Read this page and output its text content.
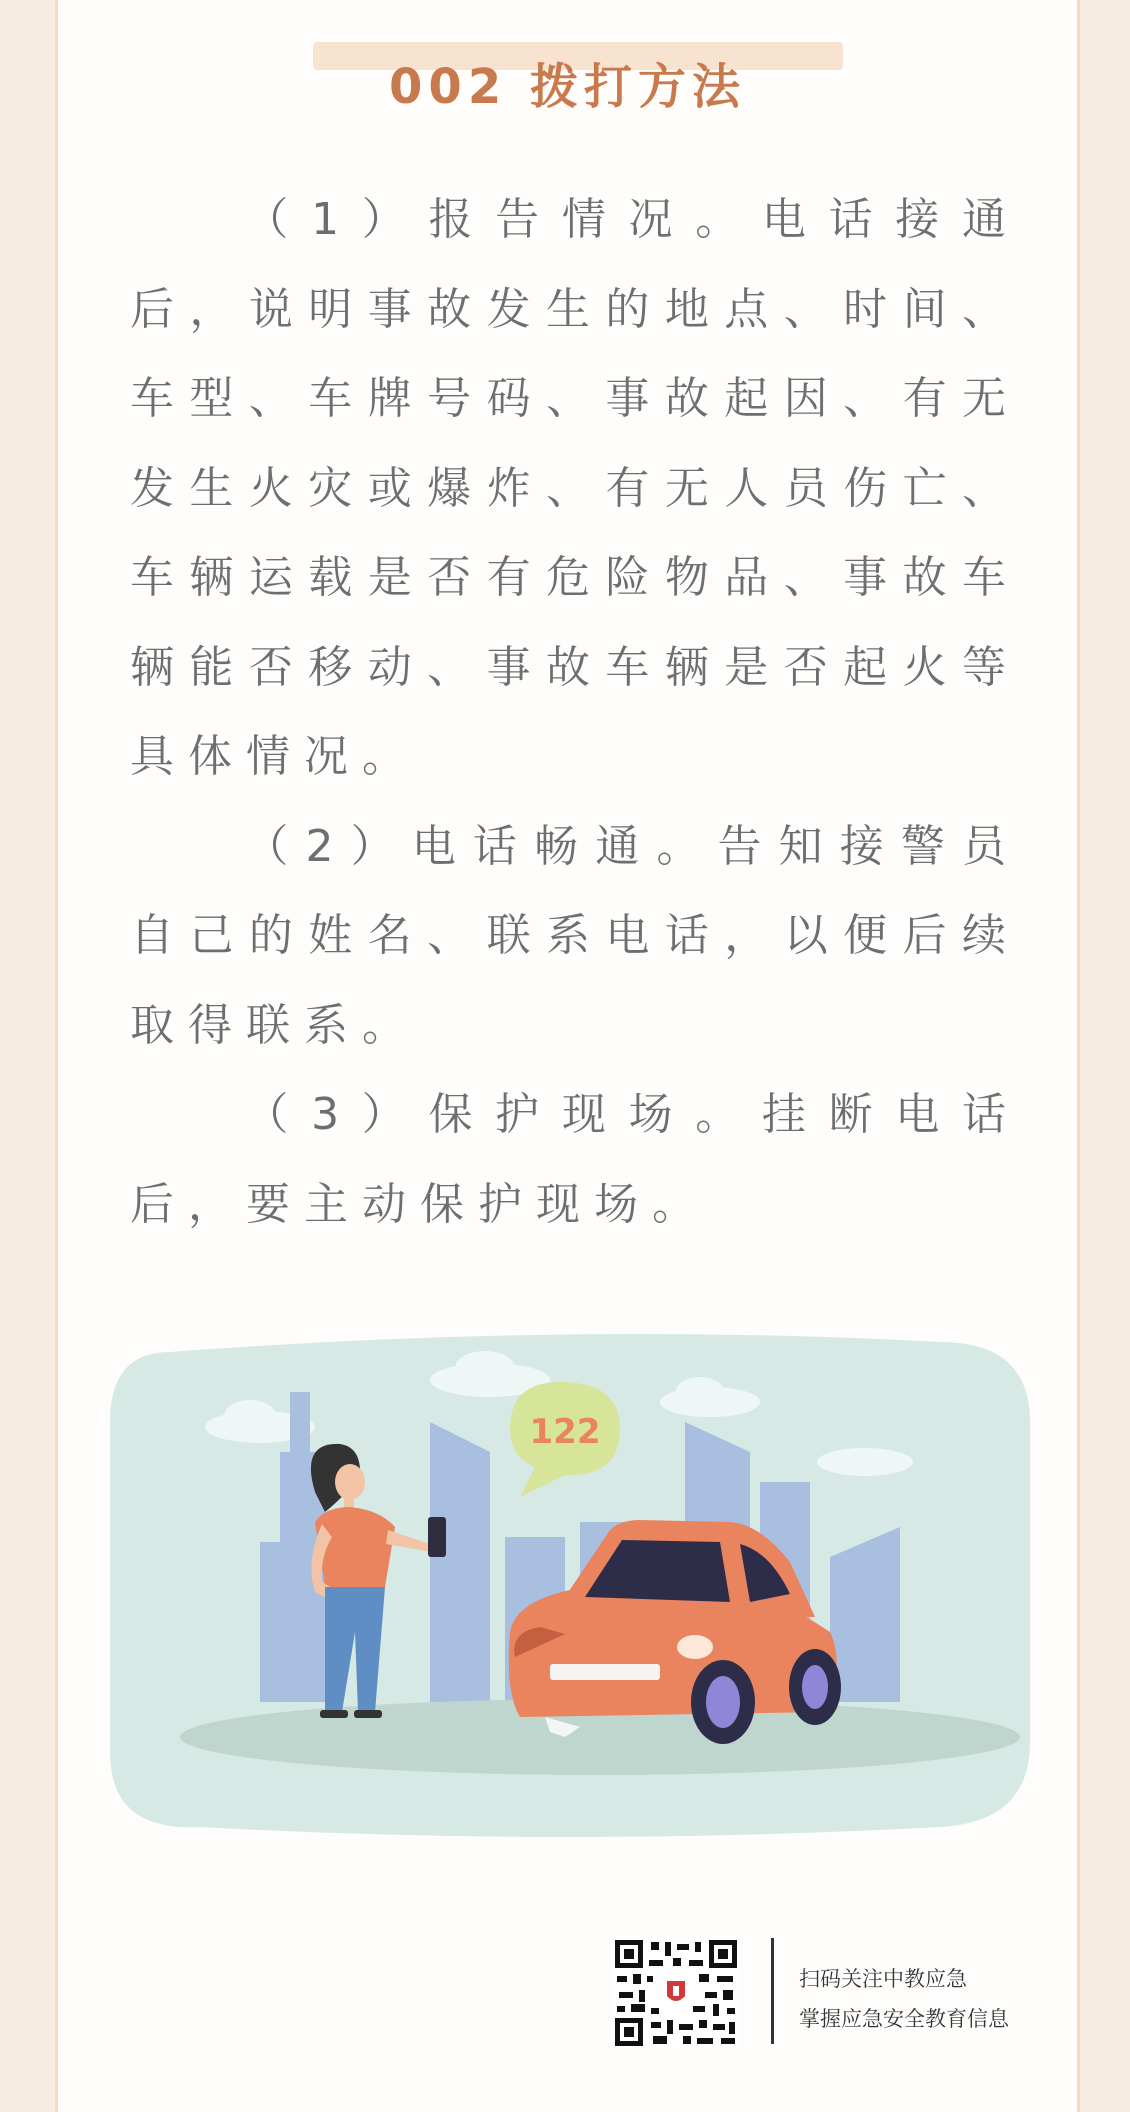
002 拨打方法

（1）报告情况。电话接通后，说明事故发生的地点、时间、车型、车牌号码、事故起因、有无发生火灾或爆炸、有无人员伤亡、车辆运载是否有危险物品、事故车辆能否移动、事故车辆是否起火等具体情况。

（2）电话畅通。告知接警员自己的姓名、联系电话，以便后续取得联系。

（3）保护现场。挂断电话后，要主动保护现场。

122
扫码关注中教应急
掌握应急安全教育信息
